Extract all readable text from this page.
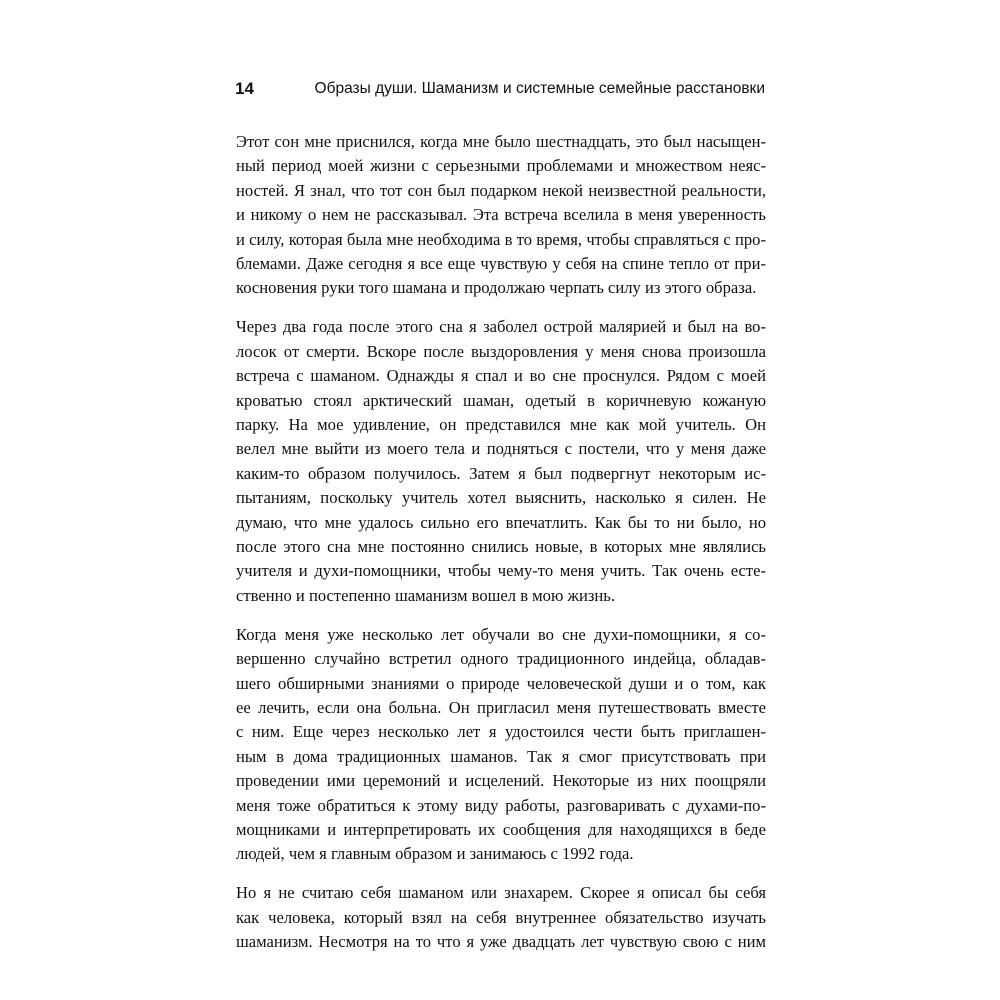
14	Образы души. Шаманизм и системные семейные расстановки

Этот сон мне приснился, когда мне было шестнадцать, это был насыщен-
ный период моей жизни с серьезными проблемами и множеством неяс-
ностей. Я знал, что тот сон был подарком некой неизвестной реальности,
и никому о нем не рассказывал. Эта встреча вселила в меня уверенность
и силу, которая была мне необходима в то время, чтобы справляться с про-
блемами. Даже сегодня я все еще чувствую у себя на спине тепло от при-
косновения руки того шамана и продолжаю черпать силу из этого образа.

Через два года после этого сна я заболел острой малярией и был на во-
лосок от смерти. Вскоре после выздоровления у меня снова произошла
встреча с шаманом. Однажды я спал и во сне проснулся. Рядом с моей
кроватью стоял арктический шаман, одетый в коричневую кожаную
парку. На мое удивление, он представился мне как мой учитель. Он
велел мне выйти из моего тела и подняться с постели, что у меня даже
каким-то образом получилось. Затем я был подвергнут некоторым ис-
пытаниям, поскольку учитель хотел выяснить, насколько я силен. Не
думаю, что мне удалось сильно его впечатлить. Как бы то ни было, но
после этого сна мне постоянно снились новые, в которых мне являлись
учителя и духи-помощники, чтобы чему-то меня учить. Так очень есте-
ственно и постепенно шаманизм вошел в мою жизнь.

Когда меня уже несколько лет обучали во сне духи-помощники, я со-
вершенно случайно встретил одного традиционного индейца, обладав-
шего обширными знаниями о природе человеческой души и о том, как
ее лечить, если она больна. Он пригласил меня путешествовать вместе
с ним. Еще через несколько лет я удостоился чести быть приглашен-
ным в дома традиционных шаманов. Так я смог присутствовать при
проведении ими церемоний и исцелений. Некоторые из них поощряли
меня тоже обратиться к этому виду работы, разговаривать с духами-по-
мощниками и интерпретировать их сообщения для находящихся в беде
людей, чем я главным образом и занимаюсь с 1992 года.

Но я не считаю себя шаманом или знахарем. Скорее я описал бы себя
как человека, который взял на себя внутреннее обязательство изучать
шаманизм. Несмотря на то что я уже двадцать лет чувствую свою с ним
